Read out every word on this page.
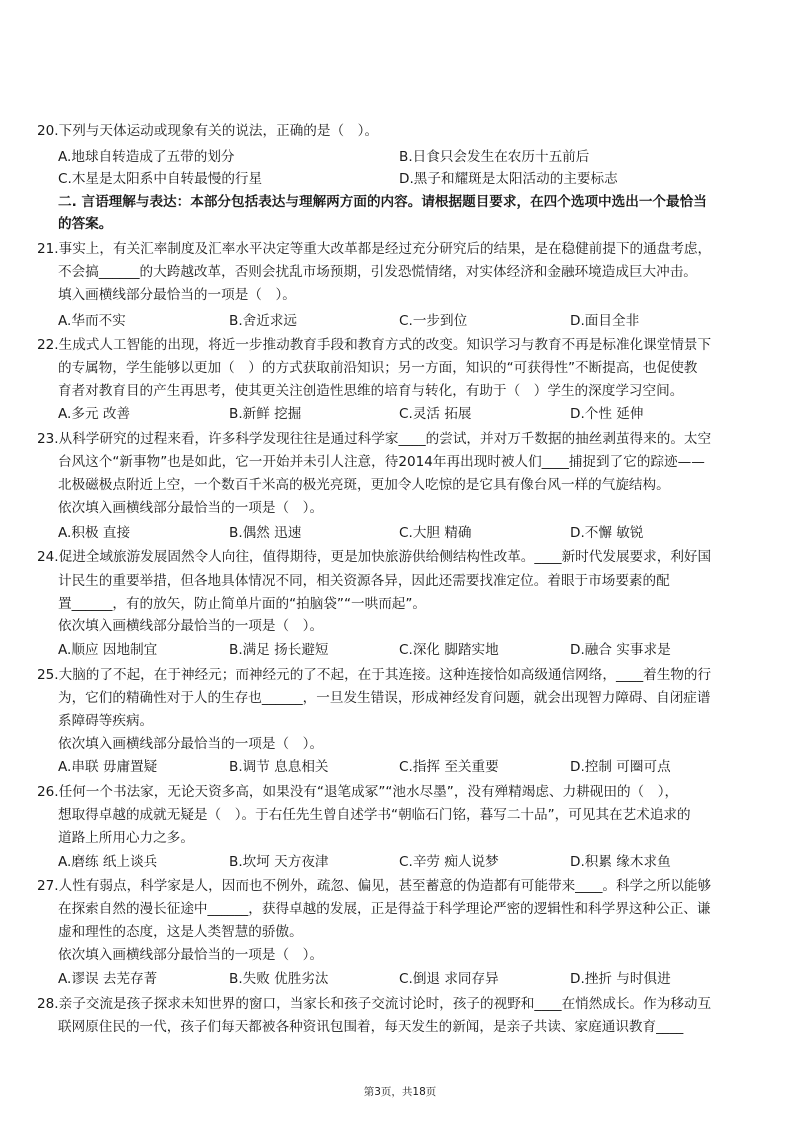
20.下列与天体运动或现象有关的说法，正确的是（　）。
A.地球自转造成了五带的划分	B.日食只会发生在农历十五前后
C.木星是太阳系中自转最慢的行星	D.黑子和耀斑是太阳活动的主要标志
二. 言语理解与表达：本部分包括表达与理解两方面的内容。请根据题目要求，在四个选项中选出一个最恰当
的答案。
21.事实上，有关汇率制度及汇率水平决定等重大改革都是经过充分研究后的结果，是在稳健前提下的通盘考虑，
不会搞______的大跨越改革，否则会扰乱市场预期，引发恐慌情绪，对实体经济和金融环境造成巨大冲击。
填入画横线部分最恰当的一项是（　）。
A.华而不实	B.舍近求远	C.一步到位	D.面目全非
22.生成式人工智能的出现，将近一步推动教育手段和教育方式的改变。知识学习与教育不再是标准化课堂情景下
的专属物，学生能够以更加（　）的方式获取前沿知识；另一方面，知识的“可获得性”不断提高，也促使教
育者对教育目的产生再思考，使其更关注创造性思维的培育与转化，有助于（　）学生的深度学习空间。
A.多元 改善	B.新鲜 挖掘	C.灵活 拓展	D.个性 延伸
23.从科学研究的过程来看，许多科学发现往往是通过科学家____的尝试，并对万千数据的抽丝剥茧得来的。太空
台风这个“新事物”也是如此，它一开始并未引人注意，待2014年再出现时被人们____捕捉到了它的踪迹——
北极磁极点附近上空，一个数百千米高的极光亮斑，更加令人吃惊的是它具有像台风一样的气旋结构。
依次填入画横线部分最恰当的一项是（　）。
A.积极 直接	B.偶然 迅速	C.大胆 精确	D.不懈 敏锐
24.促进全域旅游发展固然令人向往，值得期待，更是加快旅游供给侧结构性改革。____新时代发展要求，利好国
计民生的重要举措，但各地具体情况不同，相关资源各异，因此还需要找准定位。着眼于市场要素的配
置______，有的放矢，防止简单片面的“拍脑袋”“一哄而起”。
依次填入画横线部分最恰当的一项是（　）。
A.顺应 因地制宜	B.满足 扬长避短	C.深化 脚踏实地	D.融合 实事求是
25.大脑的了不起，在于神经元；而神经元的了不起，在于其连接。这种连接恰如高级通信网络，____着生物的行
为，它们的精确性对于人的生存也______，一旦发生错误，形成神经发育问题，就会出现智力障碍、自闭症谱
系障碍等疾病。
依次填入画横线部分最恰当的一项是（　）。
A.串联 毋庸置疑	B.调节 息息相关	C.指挥 至关重要	D.控制 可圈可点
26.任何一个书法家，无论天资多高，如果没有“退笔成冢”“池水尽墨”，没有殚精竭虑、力耕砚田的（　），
想取得卓越的成就无疑是（　）。于右任先生曾自述学书“朝临石门铭，暮写二十品”，可见其在艺术追求的
道路上所用心力之多。
A.磨练 纸上谈兵	B.坎坷 天方夜津	C.辛劳 痴人说梦	D.积累 缘木求鱼
27.人性有弱点，科学家是人，因而也不例外，疏忽、偏见，甚至蓄意的伪造都有可能带来____。科学之所以能够
在探索自然的漫长征途中______，获得卓越的发展，正是得益于科学理论严密的逻辑性和科学界这种公正、谦
虚和理性的态度，这是人类智慧的骄傲。
依次填入画横线部分最恰当的一项是（　）。
A.谬误 去芜存菁	B.失败 优胜劣汰	C.倒退 求同存异	D.挫折 与时俱进
28.亲子交流是孩子探求未知世界的窗口，当家长和孩子交流讨论时，孩子的视野和____在悄然成长。作为移动互
联网原住民的一代，孩子们每天都被各种资讯包围着，每天发生的新闻，是亲子共读、家庭通识教育____
第3页，共18页
